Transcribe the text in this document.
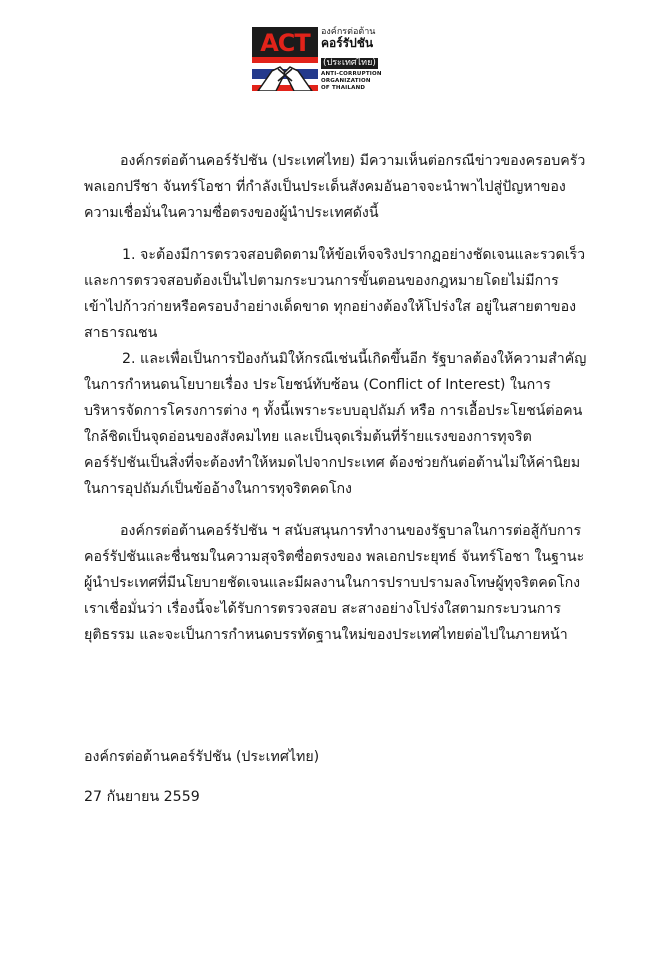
ACT	องค์กรต่อต้าน
คอร์รัปชัน
(ประเทศไทย)
ANTI-CORRUPTION
ORGANIZATION
OF THAILAND

องค์กรต่อต้านคอร์รัปชัน (ประเทศไทย) มีความเห็นต่อกรณีข่าวของครอบครัว พลเอกปรีชา จันทร์โอชา ที่กำลังเป็นประเด็นสังคมอันอาจจะนำพาไปสู่ปัญหาของความเชื่อมั่นในความซื่อตรงของผู้นำประเทศดังนี้

1. จะต้องมีการตรวจสอบติดตามให้ข้อเท็จจริงปรากฏอย่างชัดเจนและรวดเร็ว และการตรวจสอบต้องเป็นไปตามกระบวนการขั้นตอนของกฎหมายโดยไม่มีการเข้าไปก้าวก่ายหรือครอบงำอย่างเด็ดขาด ทุกอย่างต้องให้โปร่งใส อยู่ในสายตาของสาธารณชน

2. และเพื่อเป็นการป้องกันมิให้กรณีเช่นนี้เกิดขึ้นอีก รัฐบาลต้องให้ความสำคัญในการกำหนดนโยบายเรื่อง ประโยชน์ทับซ้อน (Conflict of Interest) ในการบริหารจัดการโครงการต่าง ๆ ทั้งนี้เพราะระบบอุปถัมภ์ หรือ การเอื้อประโยชน์ต่อคนใกล้ชิดเป็นจุดอ่อนของสังคมไทย และเป็นจุดเริ่มต้นที่ร้ายแรงของการทุจริตคอร์รัปชันเป็นสิ่งที่จะต้องทำให้หมดไปจากประเทศ ต้องช่วยกันต่อต้านไม่ให้ค่านิยมในการอุปถัมภ์เป็นข้ออ้างในการทุจริตคดโกง

องค์กรต่อต้านคอร์รัปชัน ฯ สนับสนุนการทำงานของรัฐบาลในการต่อสู้กับการคอร์รัปชันและชื่นชมในความสุจริตซื่อตรงของ พลเอกประยุทธ์ จันทร์โอชา ในฐานะผู้นำประเทศที่มีนโยบายชัดเจนและมีผลงานในการปราบปรามลงโทษผู้ทุจริตคดโกง เราเชื่อมั่นว่า เรื่องนี้จะได้รับการตรวจสอบ สะสางอย่างโปร่งใสตามกระบวนการยุติธรรม และจะเป็นการกำหนดบรรทัดฐานใหม่ของประเทศไทยต่อไปในภายหน้า

องค์กรต่อต้านคอร์รัปชัน (ประเทศไทย)
27 กันยายน 2559
